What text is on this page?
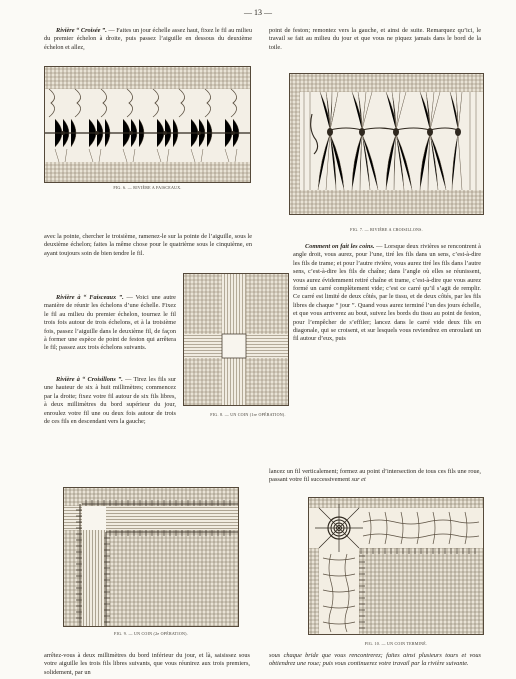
— 13 —

Rivière “ Croisée ”. — Faites un jour échelle assez haut, fixez le fil au milieu du premier échelon à droite, puis passez l’aiguille en dessous du deuxième échelon et allez,

FIG. 6. — RIVIÈRE A FAISCEAUX.

point de feston; remontez vers la gauche, et ainsi de suite. Remarquez qu’ici, le travail se fait au milieu du jour et que vous ne piquez jamais dans le bord de la toile.

FIG. 7. — RIVIÈRE A CROISILLONS.

avec la pointe, chercher le troisième, ramenez-le sur la pointe de l’aiguille, sous le deuxième échelon; faites la même chose pour le quatrième sous le cinquième, en ayant toujours soin de bien tendre le fil.

FIG. 8. — UN COIN (1re OPÉRATION).

Rivière à “ Faisceaux ”. — Voici une autre manière de réunir les échelons d’une échelle. Fixez le fil au milieu du premier échelon, tournez le fil trois fois autour de trois échelons, et à la troisième fois, passez l’aiguille dans le deuxième fil, de façon à former une espèce de point de feston qui arrêtera le fil; passez aux trois échelons suivants.

Rivière à “ Croisillons ”. — Tirez les fils sur une hauteur de six à huit millimètres; commencez par la droite; fixez votre fil autour de six fils libres, à deux millimètres du bord supérieur du jour, enroulez votre fil une ou deux fois autour de trois de ces fils en descendant vers la gauche;

Comment on fait les coins. — Lorsque deux rivières se rencontrent à angle droit, vous aurez, pour l’une, tiré les fils dans un sens, c’est-à-dire les fils de trame; et pour l’autre rivière, vous aurez tiré les fils dans l’autre sens, c’est-à-dire les fils de chaîne; dans l’angle où elles se réunissent, vous aurez évidemment retiré chaîne et trame, c’est-à-dire que vous aurez formé un carré complètement vide; c’est ce carré qu’il s’agit de remplir. Ce carré est limité de deux côtés, par le tissu, et de deux côtés, par les fils libres de chaque “ jour ”. Quand vous aurez terminé l’un des jours échelle, et que vous arriverez au bout, suivez les bords du tissu au point de feston, pour l’empêcher de s’effiler; lancez dans le carré vide deux fils en diagonale, qui se croisent, et sur lesquels vous reviendrez en enroulant un fil autour d’eux, puis

lancez un fil verticalement; formez au point d’intersection de tous ces fils une roue, passant votre fil successivement sur et

FIG. 9. — UN COIN (2e OPÉRATION).
FIG. 10. — UN COIN TERMINÉ.

arrêtez-vous à deux millimètres du bord inférieur du jour, et là, saisissez sous votre aiguille les trois fils libres suivants, que vous réunirez aux trois premiers, solidement, par un

sous chaque bride que vous rencontrerez; faites ainsi plusieurs tours et vous obtiendrez une roue; puis vous continuerez votre travail par la rivière suivante.
